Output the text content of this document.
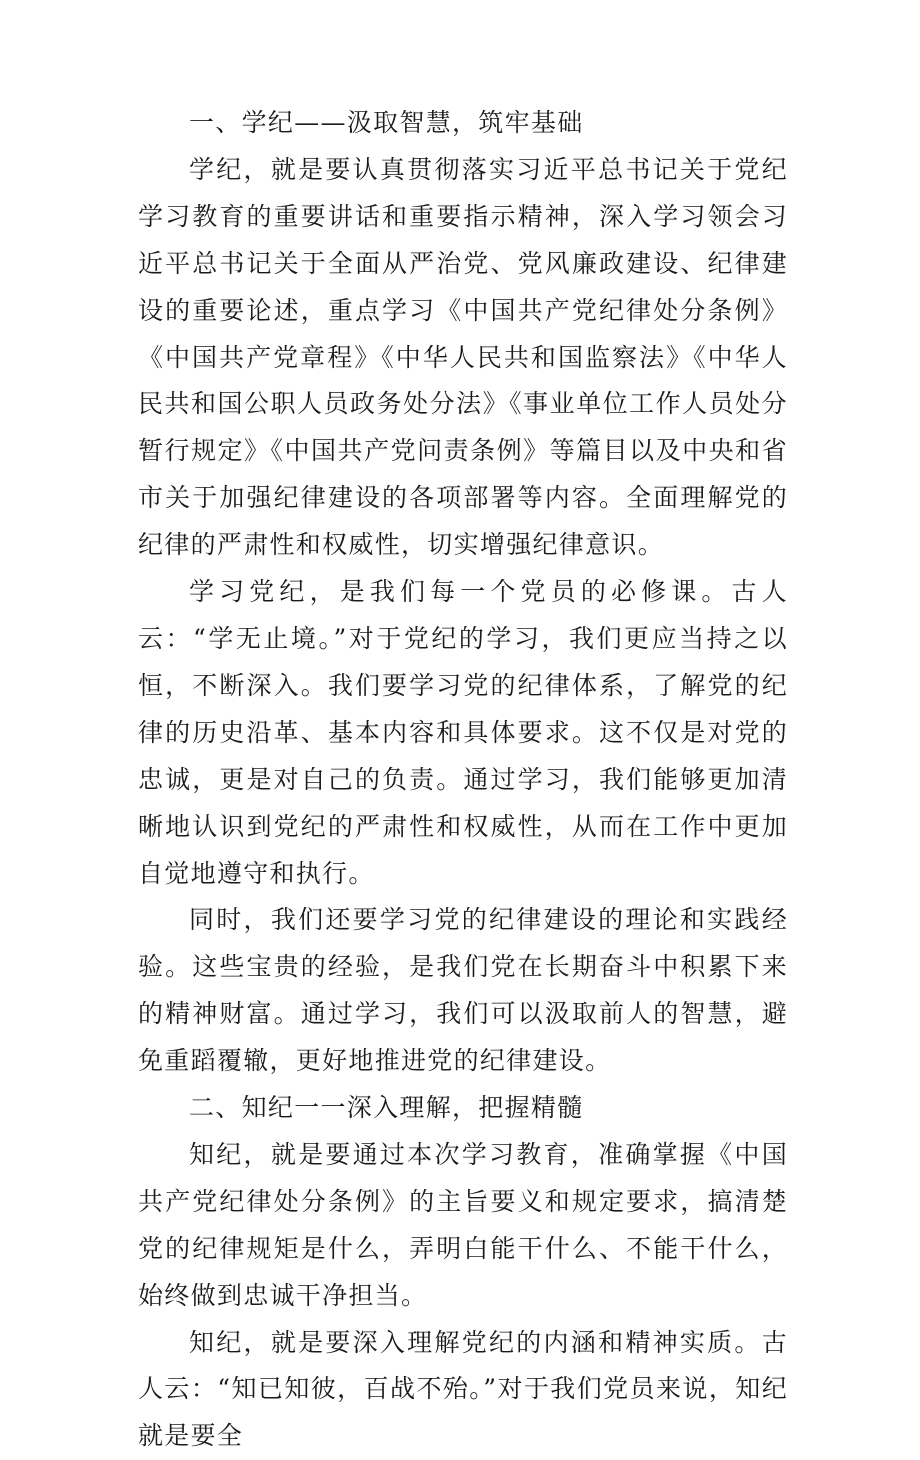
一、学纪——汲取智慧，筑牢基础

学纪，就是要认真贯彻落实习近平总书记关于党纪学习教育的重要讲话和重要指示精神，深入学习领会习近平总书记关于全面从严治党、党风廉政建设、纪律建设的重要论述，重点学习《中国共产党纪律处分条例》《中国共产党章程》《中华人民共和国监察法》《中华人民共和国公职人员政务处分法》《事业单位工作人员处分暂行规定》《中国共产党问责条例》等篇目以及中央和省市关于加强纪律建设的各项部署等内容。全面理解党的纪律的严肃性和权威性，切实增强纪律意识。

学习党纪，是我们每一个党员的必修课。古人云：“学无止境。”对于党纪的学习，我们更应当持之以恒，不断深入。我们要学习党的纪律体系，了解党的纪律的历史沿革、基本内容和具体要求。这不仅是对党的忠诚，更是对自己的负责。通过学习，我们能够更加清晰地认识到党纪的严肃性和权威性，从而在工作中更加自觉地遵守和执行。

同时，我们还要学习党的纪律建设的理论和实践经验。这些宝贵的经验，是我们党在长期奋斗中积累下来的精神财富。通过学习，我们可以汲取前人的智慧，避免重蹈覆辙，更好地推进党的纪律建设。

二、知纪一一深入理解，把握精髓

知纪，就是要通过本次学习教育，准确掌握《中国共产党纪律处分条例》的主旨要义和规定要求，搞清楚党的纪律规矩是什么，弄明白能干什么、不能干什么，始终做到忠诚干净担当。

知纪，就是要深入理解党纪的内涵和精神实质。古人云：“知已知彼，百战不殆。”对于我们党员来说，知纪就是要全
